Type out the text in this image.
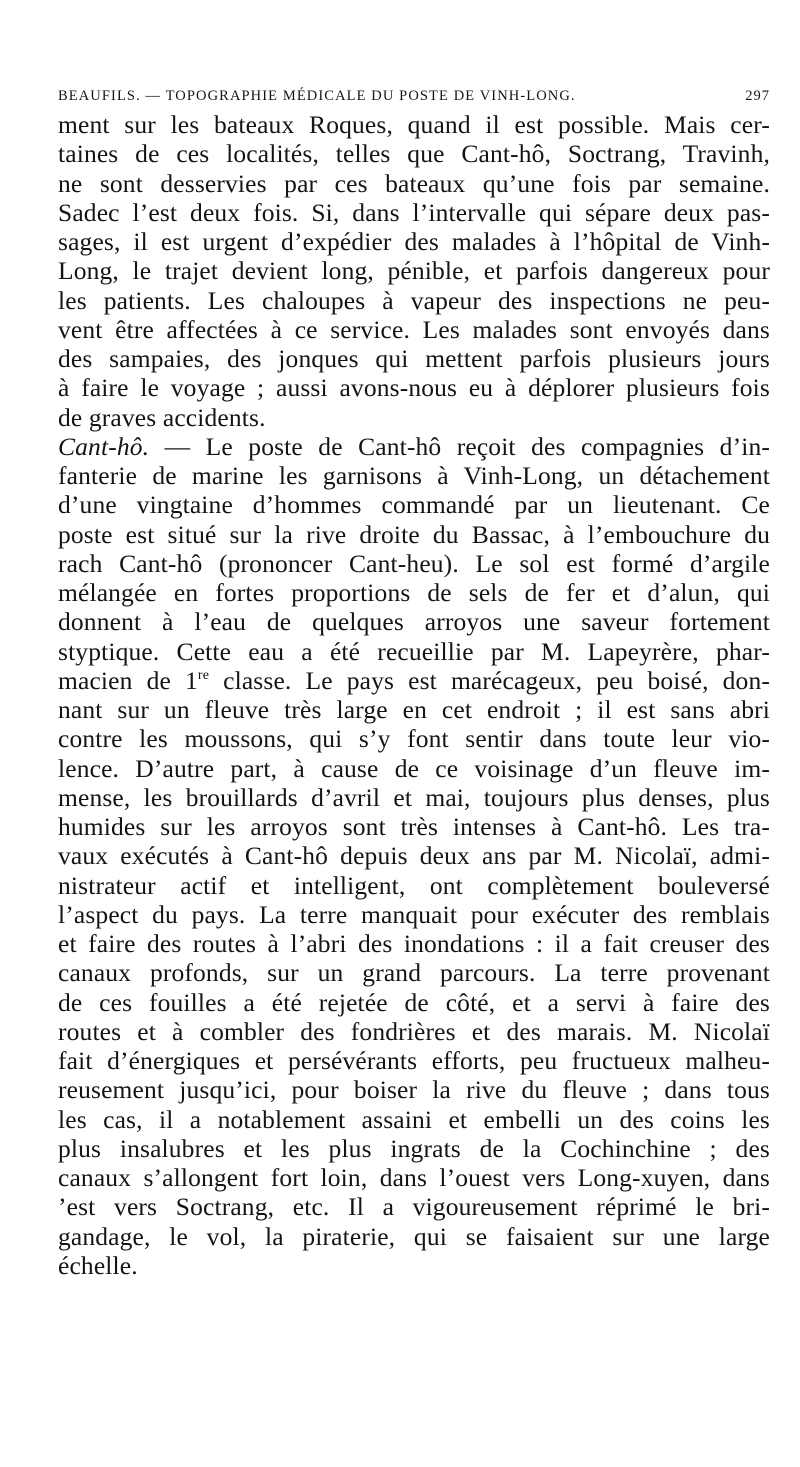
BEAUFILS. — TOPOGRAPHIE MÉDICALE DU POSTE DE VINH-LONG.	297
ment sur les bateaux Roques, quand il est possible. Mais cer-
taines de ces localités, telles que Cant-hô, Soctrang, Travinh,
ne sont desservies par ces bateaux qu’une fois par semaine.
Sadec l’est deux fois. Si, dans l’intervalle qui sépare deux pas-
sages, il est urgent d’expédier des malades à l’hôpital de Vinh-
Long, le trajet devient long, pénible, et parfois dangereux pour
les patients. Les chaloupes à vapeur des inspections ne peu-
vent être affectées à ce service. Les malades sont envoyés dans
des sampaies, des jonques qui mettent parfois plusieurs jours
à faire le voyage ; aussi avons-nous eu à déplorer plusieurs fois
de graves accidents.
Cant-hô. — Le poste de Cant-hô reçoit des compagnies d’in-
fanterie de marine les garnisons à Vinh-Long, un détachement
d’une vingtaine d’hommes commandé par un lieutenant. Ce
poste est situé sur la rive droite du Bassac, à l’embouchure du
rach Cant-hô (prononcer Cant-heu). Le sol est formé d’argile
mélangée en fortes proportions de sels de fer et d’alun, qui
donnent à l’eau de quelques arroyos une saveur fortement
styptique. Cette eau a été recueillie par M. Lapeyrère, phar-
macien de 1re classe. Le pays est marécageux, peu boisé, don-
nant sur un fleuve très large en cet endroit ; il est sans abri
contre les moussons, qui s’y font sentir dans toute leur vio-
lence. D’autre part, à cause de ce voisinage d’un fleuve im-
mense, les brouillards d’avril et mai, toujours plus denses, plus
humides sur les arroyos sont très intenses à Cant-hô. Les tra-
vaux exécutés à Cant-hô depuis deux ans par M. Nicolaï, admi-
nistrateur actif et intelligent, ont complètement bouleversé
l’aspect du pays. La terre manquait pour exécuter des remblais
et faire des routes à l’abri des inondations : il a fait creuser des
canaux profonds, sur un grand parcours. La terre provenant
de ces fouilles a été rejetée de côté, et a servi à faire des
routes et à combler des fondrières et des marais. M. Nicolaï
fait d’énergiques et persévérants efforts, peu fructueux malheu-
reusement jusqu’ici, pour boiser la rive du fleuve ; dans tous
les cas, il a notablement assaini et embelli un des coins les
plus insalubres et les plus ingrats de la Cochinchine ; des
canaux s’allongent fort loin, dans l’ouest vers Long-xuyen, dans
’est vers Soctrang, etc. Il a vigoureusement réprimé le bri-
gandage, le vol, la piraterie, qui se faisaient sur une large
échelle.
